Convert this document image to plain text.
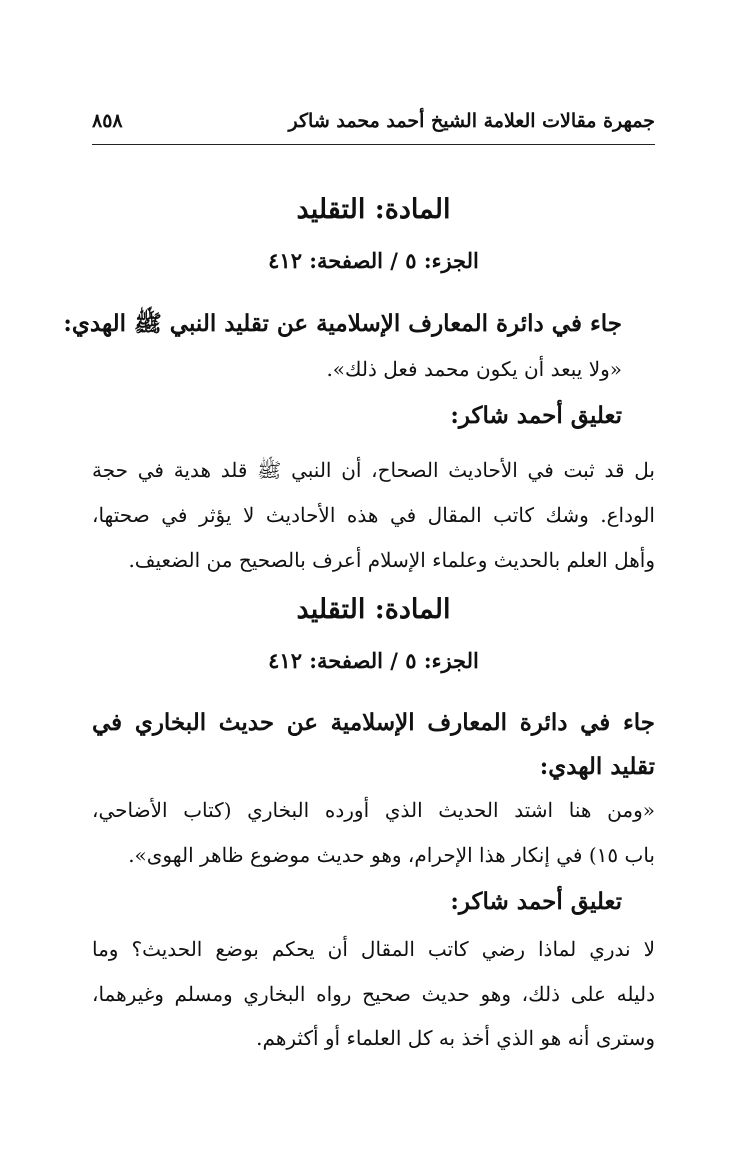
جمهرة مقالات العلامة الشيخ أحمد محمد شاكر
٨٥٨
المادة: التقليد
الجزء: ٥ / الصفحة: ٤١٢
جاء في دائرة المعارف الإسلامية عن تقليد النبي ﷺ الهدي:
«ولا يبعد أن يكون محمد فعل ذلك».
تعليق أحمد شاكر:
بل قد ثبت في الأحاديث الصحاح، أن النبي ﷺ قلد هدية في حجة
الوداع. وشك كاتب المقال في هذه الأحاديث لا يؤثر في صحتها،
وأهل العلم بالحديث وعلماء الإسلام أعرف بالصحيح من الضعيف.
المادة: التقليد
الجزء: ٥ / الصفحة: ٤١٢
جاء في دائرة المعارف الإسلامية عن حديث البخاري في
تقليد الهدي:
«ومن هنا اشتد الحديث الذي أورده البخاري (كتاب الأضاحي،
باب ١٥) في إنكار هذا الإحرام، وهو حديث موضوع ظاهر الهوى».
تعليق أحمد شاكر:
لا ندري لماذا رضي كاتب المقال أن يحكم بوضع الحديث؟ وما
دليله على ذلك، وهو حديث صحيح رواه البخاري ومسلم وغيرهما،
وسترى أنه هو الذي أخذ به كل العلماء أو أكثرهم.
